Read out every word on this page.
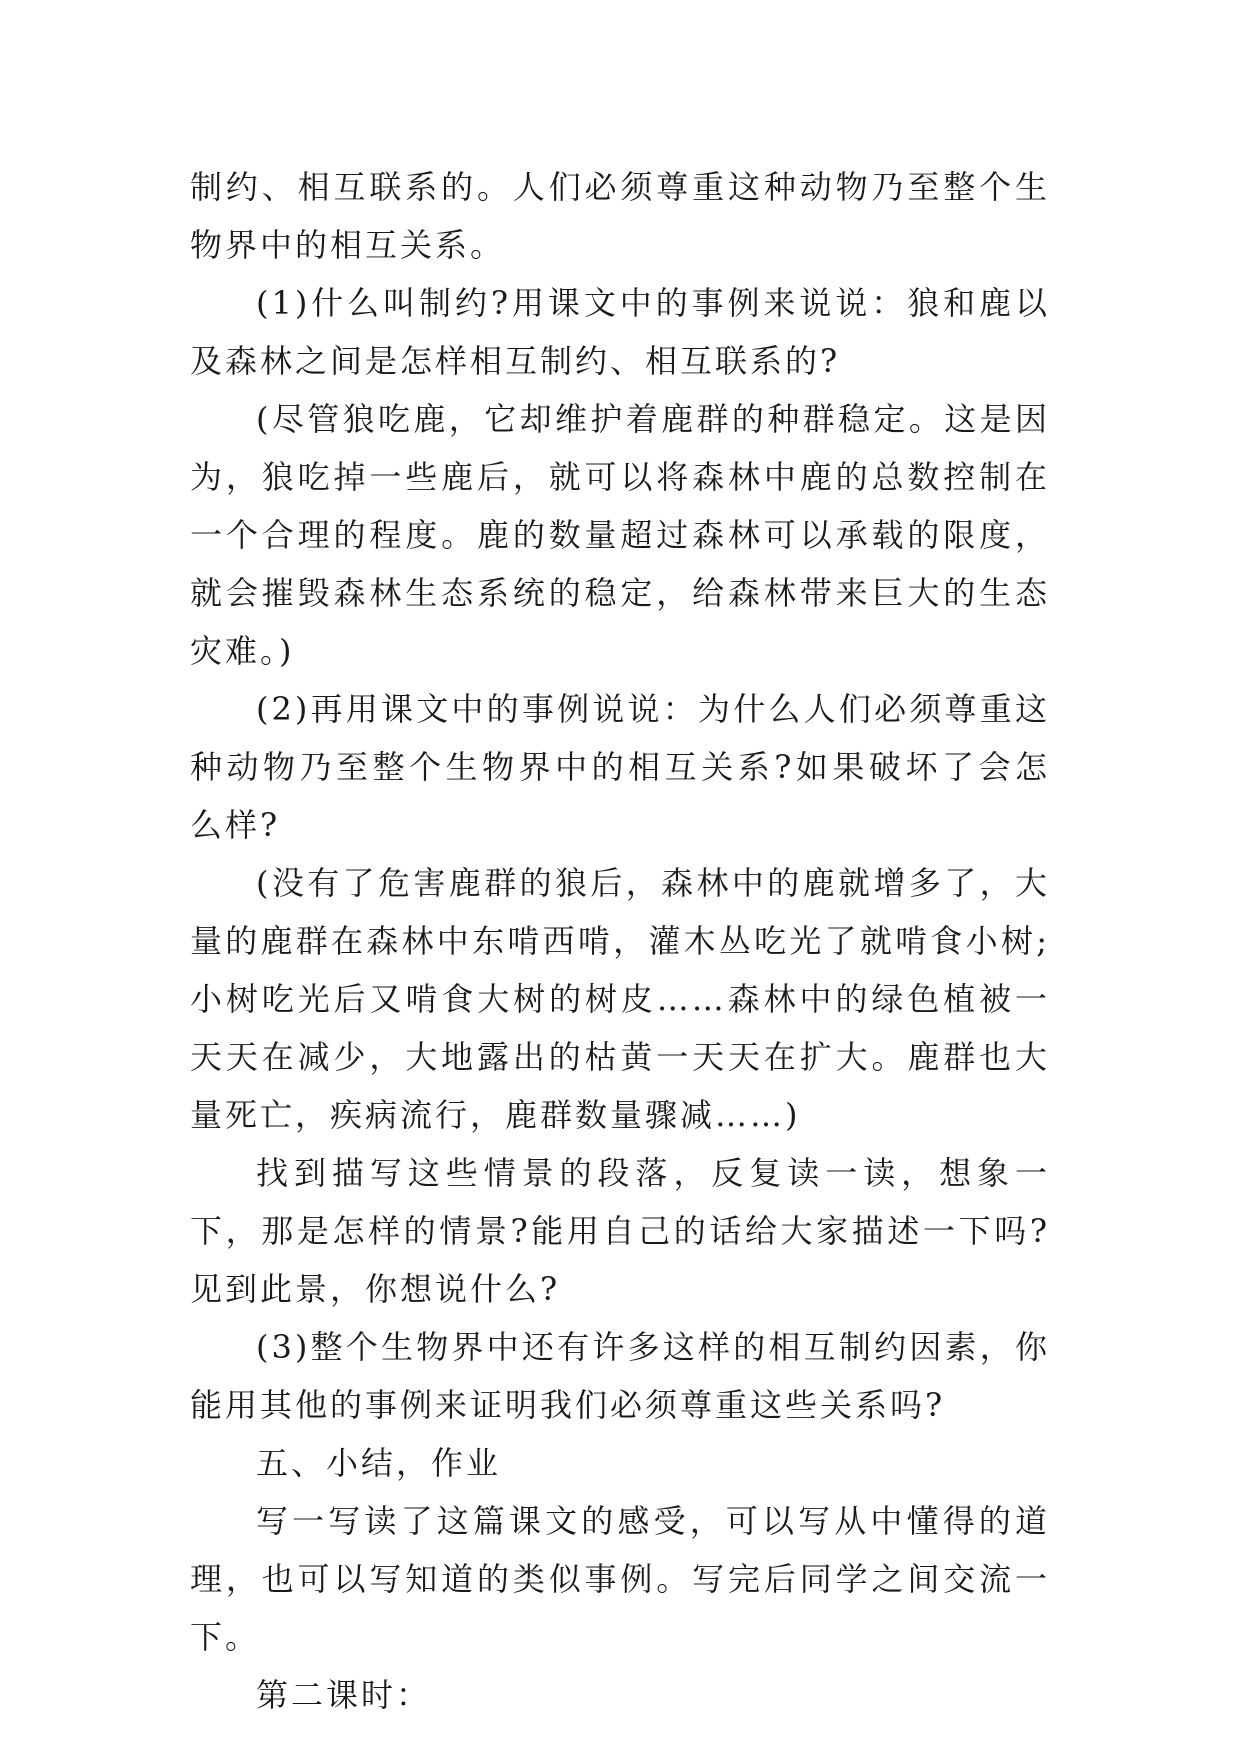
制约、相互联系的。人们必须尊重这种动物乃至整个生物界中的相互关系。

(1)什么叫制约?用课文中的事例来说说：狼和鹿以及森林之间是怎样相互制约、相互联系的?

(尽管狼吃鹿，它却维护着鹿群的种群稳定。这是因为，狼吃掉一些鹿后，就可以将森林中鹿的总数控制在一个合理的程度。鹿的数量超过森林可以承载的限度，就会摧毁森林生态系统的稳定，给森林带来巨大的生态灾难。)

(2)再用课文中的事例说说：为什么人们必须尊重这种动物乃至整个生物界中的相互关系?如果破坏了会怎么样?

(没有了危害鹿群的狼后，森林中的鹿就增多了，大量的鹿群在森林中东啃西啃，灌木丛吃光了就啃食小树;小树吃光后又啃食大树的树皮……森林中的绿色植被一天天在减少，大地露出的枯黄一天天在扩大。鹿群也大量死亡，疾病流行，鹿群数量骤减……)

找到描写这些情景的段落，反复读一读，想象一下，那是怎样的情景?能用自己的话给大家描述一下吗?见到此景，你想说什么?

(3)整个生物界中还有许多这样的相互制约因素，你能用其他的事例来证明我们必须尊重这些关系吗?

五、小结，作业

写一写读了这篇课文的感受，可以写从中懂得的道理，也可以写知道的类似事例。写完后同学之间交流一下。

第二课时：
